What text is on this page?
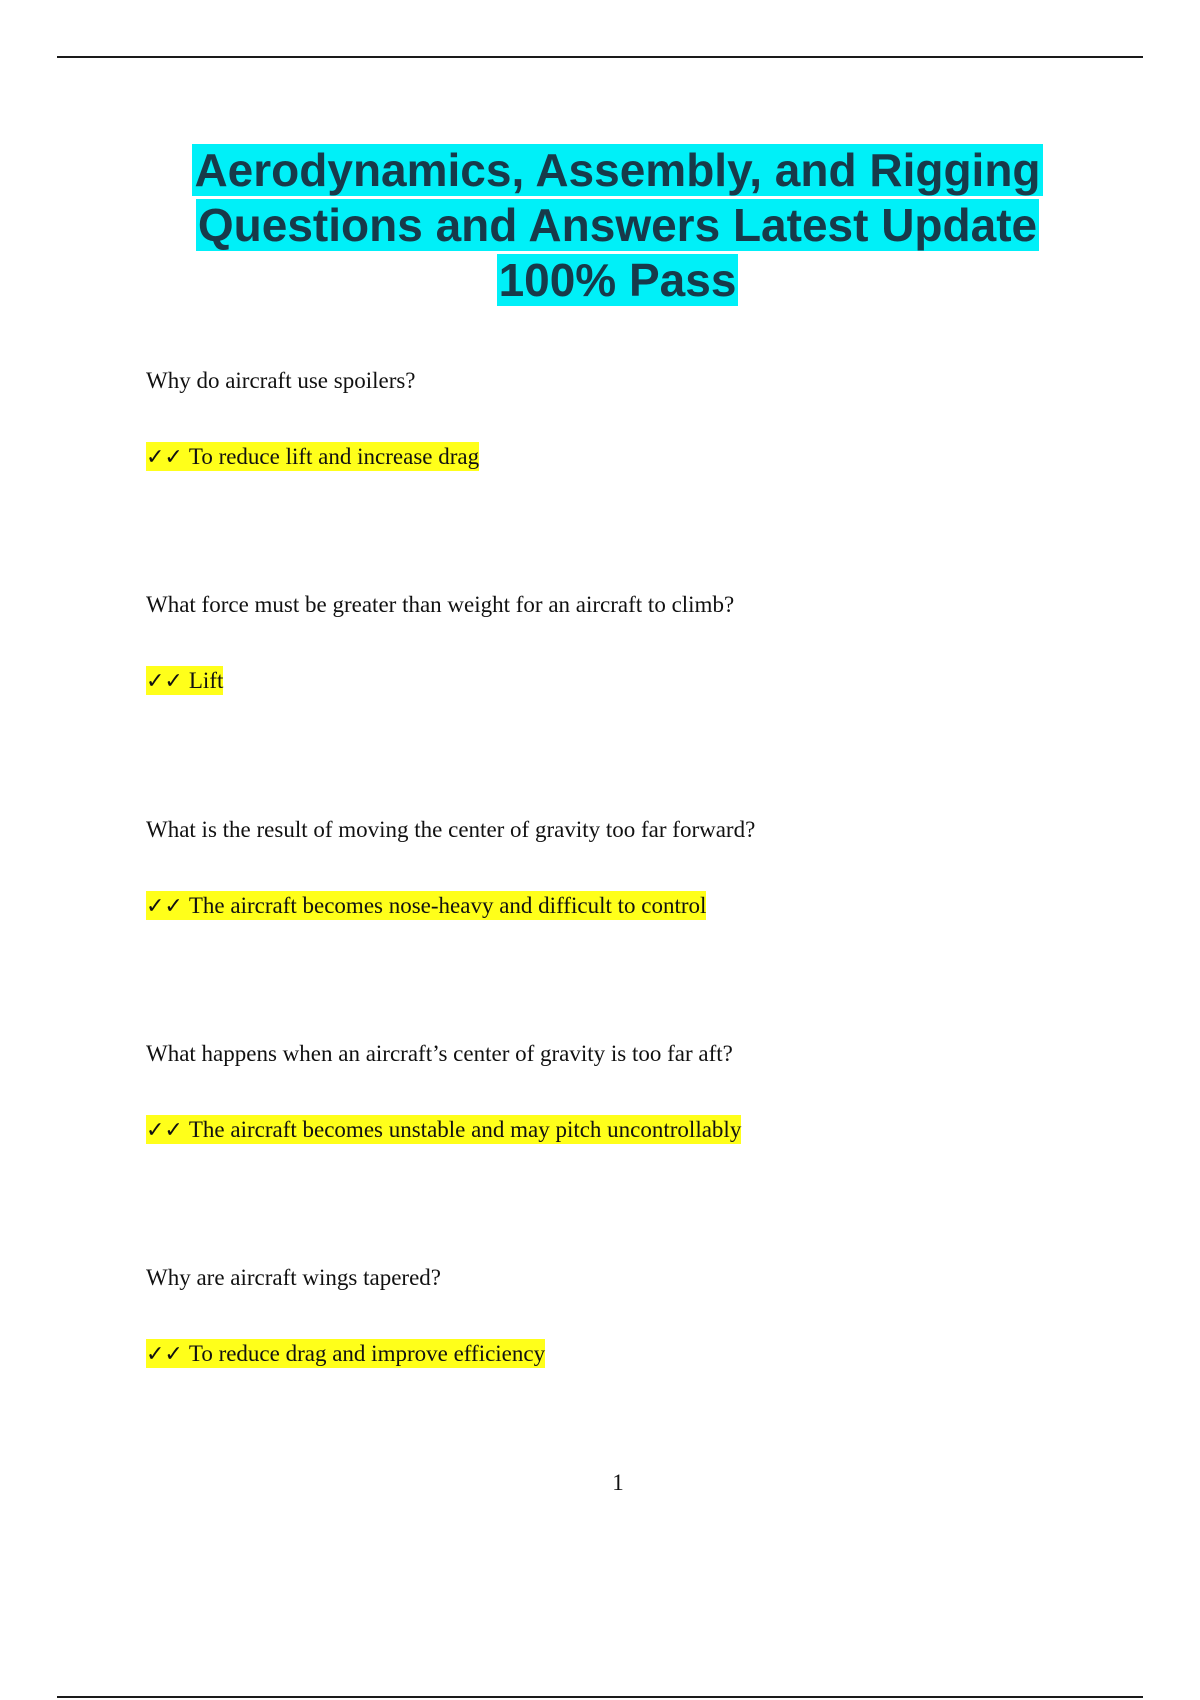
Aerodynamics, Assembly, and Rigging Questions and Answers Latest Update 100% Pass

Why do aircraft use spoilers?

✓✓ To reduce lift and increase drag

What force must be greater than weight for an aircraft to climb?

✓✓ Lift

What is the result of moving the center of gravity too far forward?

✓✓ The aircraft becomes nose-heavy and difficult to control

What happens when an aircraft’s center of gravity is too far aft?

✓✓ The aircraft becomes unstable and may pitch uncontrollably

Why are aircraft wings tapered?

✓✓ To reduce drag and improve efficiency

1
